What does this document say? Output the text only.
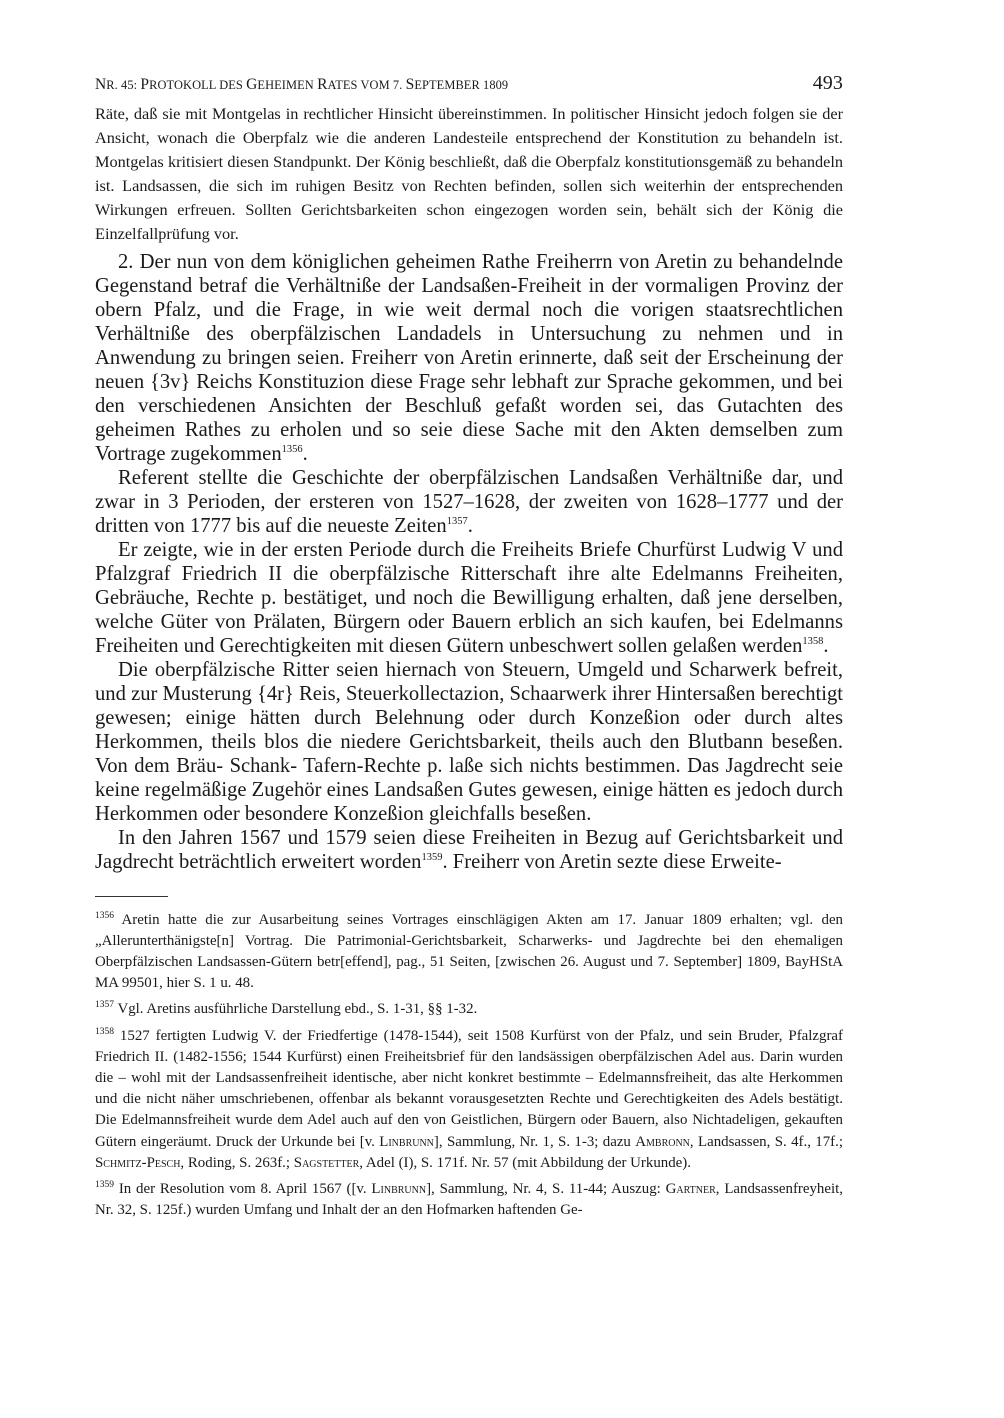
NR. 45: PROTOKOLL DES GEHEIMEN RATES VOM 7. SEPTEMBER 1809	493

Räte, daß sie mit Montgelas in rechtlicher Hinsicht übereinstimmen. In politischer Hinsicht jedoch folgen sie der Ansicht, wonach die Oberpfalz wie die anderen Landesteile entsprechend der Konstitution zu behandeln ist. Montgelas kritisiert diesen Standpunkt. Der König beschließt, daß die Oberpfalz konstitutionsgemäß zu behandeln ist. Landsassen, die sich im ruhigen Besitz von Rechten befinden, sollen sich weiterhin der entsprechenden Wirkungen erfreuen. Sollten Gerichtsbarkeiten schon eingezogen worden sein, behält sich der König die Einzelfallprüfung vor.

2. Der nun von dem königlichen geheimen Rathe Freiherrn von Aretin zu behandelnde Gegenstand betraf die Verhältniße der Landsaßen-Freiheit in der vormaligen Provinz der obern Pfalz, und die Frage, in wie weit dermal noch die vorigen staatsrechtlichen Verhältniße des oberpfälzischen Landadels in Untersuchung zu nehmen und in Anwendung zu bringen seien. Freiherr von Aretin erinnerte, daß seit der Erscheinung der neuen {3v} Reichs Konstituzion diese Frage sehr lebhaft zur Sprache gekommen, und bei den verschiedenen Ansichten der Beschluß gefaßt worden sei, das Gutachten des geheimen Rathes zu erholen und so seie diese Sache mit den Akten demselben zum Vortrage zugekommen$^{1356}$.

Referent stellte die Geschichte der oberpfälzischen Landsaßen Verhältniße dar, und zwar in 3 Perioden, der ersteren von 1527–1628, der zweiten von 1628–1777 und der dritten von 1777 bis auf die neueste Zeiten$^{1357}$.

Er zeigte, wie in der ersten Periode durch die Freiheits Briefe Churfürst Ludwig V und Pfalzgraf Friedrich II die oberpfälzische Ritterschaft ihre alte Edelmanns Freiheiten, Gebräuche, Rechte p. bestätiget, und noch die Bewilligung erhalten, daß jene derselben, welche Güter von Prälaten, Bürgern oder Bauern erblich an sich kaufen, bei Edelmanns Freiheiten und Gerechtigkeiten mit diesen Gütern unbeschwert sollen gelaßen werden$^{1358}$.

Die oberpfälzische Ritter seien hiernach von Steuern, Umgeld und Scharwerk befreit, und zur Musterung {4r} Reis, Steuerkollectazion, Schaarwerk ihrer Hintersaßen berechtigt gewesen; einige hätten durch Belehnung oder durch Konzeßion oder durch altes Herkommen, theils blos die niedere Gerichtsbarkeit, theils auch den Blutbann beseßen. Von dem Bräu- Schank- Tafern-Rechte p. laße sich nichts bestimmen. Das Jagdrecht seie keine regelmäßige Zugehör eines Landsaßen Gutes gewesen, einige hätten es jedoch durch Herkommen oder besondere Konzeßion gleichfalls beseßen.

In den Jahren 1567 und 1579 seien diese Freiheiten in Bezug auf Gerichtsbarkeit und Jagdrecht beträchtlich erweitert worden$^{1359}$. Freiherr von Aretin sezte diese Erweite-

$^{1356}$ Aretin hatte die zur Ausarbeitung seines Vortrages einschlägigen Akten am 17. Januar 1809 erhalten; vgl. den „Allerunterthänigste[n] Vortrag. Die Patrimonial-Gerichtsbarkeit, Scharwerks- und Jagdrechte bei den ehemaligen Oberpfälzischen Landsassen-Gütern betr[effend], pag., 51 Seiten, [zwischen 26. August und 7. September] 1809, BayHStA MA 99501, hier S. 1 u. 48.

$^{1357}$ Vgl. Aretins ausführliche Darstellung ebd., S. 1-31, §§ 1-32.

$^{1358}$ 1527 fertigten Ludwig V. der Friedfertige (1478-1544), seit 1508 Kurfürst von der Pfalz, und sein Bruder, Pfalzgraf Friedrich II. (1482-1556; 1544 Kurfürst) einen Freiheitsbrief für den landsässigen oberpfälzischen Adel aus. Darin wurden die – wohl mit der Landsassenfreiheit identische, aber nicht konkret bestimmte – Edelmannsfreiheit, das alte Herkommen und die nicht näher umschriebenen, offenbar als bekannt vorausgesetzten Rechte und Gerechtigkeiten des Adels bestätigt. Die Edelmannsfreiheit wurde dem Adel auch auf den von Geistlichen, Bürgern oder Bauern, also Nichtadeligen, gekauften Gütern eingeräumt. Druck der Urkunde bei [v. Linbrunn], Sammlung, Nr. 1, S. 1-3; dazu Ambronn, Landsassen, S. 4f., 17f.; Schmitz-Pesch, Roding, S. 263f.; Sagstetter, Adel (I), S. 171f. Nr. 57 (mit Abbildung der Urkunde).

$^{1359}$ In der Resolution vom 8. April 1567 ([v. Linbrunn], Sammlung, Nr. 4, S. 11-44; Auszug: Gartner, Landsassenfreyheit, Nr. 32, S. 125f.) wurden Umfang und Inhalt der an den Hofmarken haftenden Ge-
